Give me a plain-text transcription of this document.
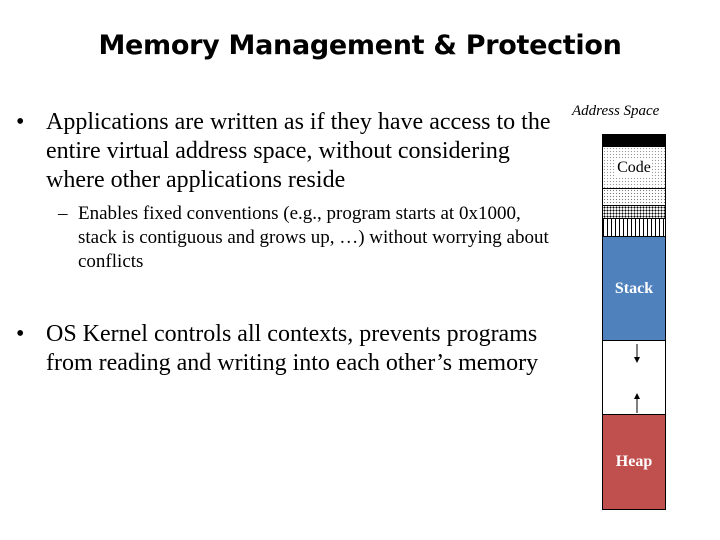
Memory Management & Protection
• Applications are written as if they have access to the entire virtual address space, without considering where other applications reside
– Enables fixed conventions (e.g., program starts at 0x1000, stack is contiguous and grows up, …) without worrying about conflicts
• OS Kernel controls all contexts, prevents programs from reading and writing into each other’s memory
Address Space
Code
Stack
Heap
